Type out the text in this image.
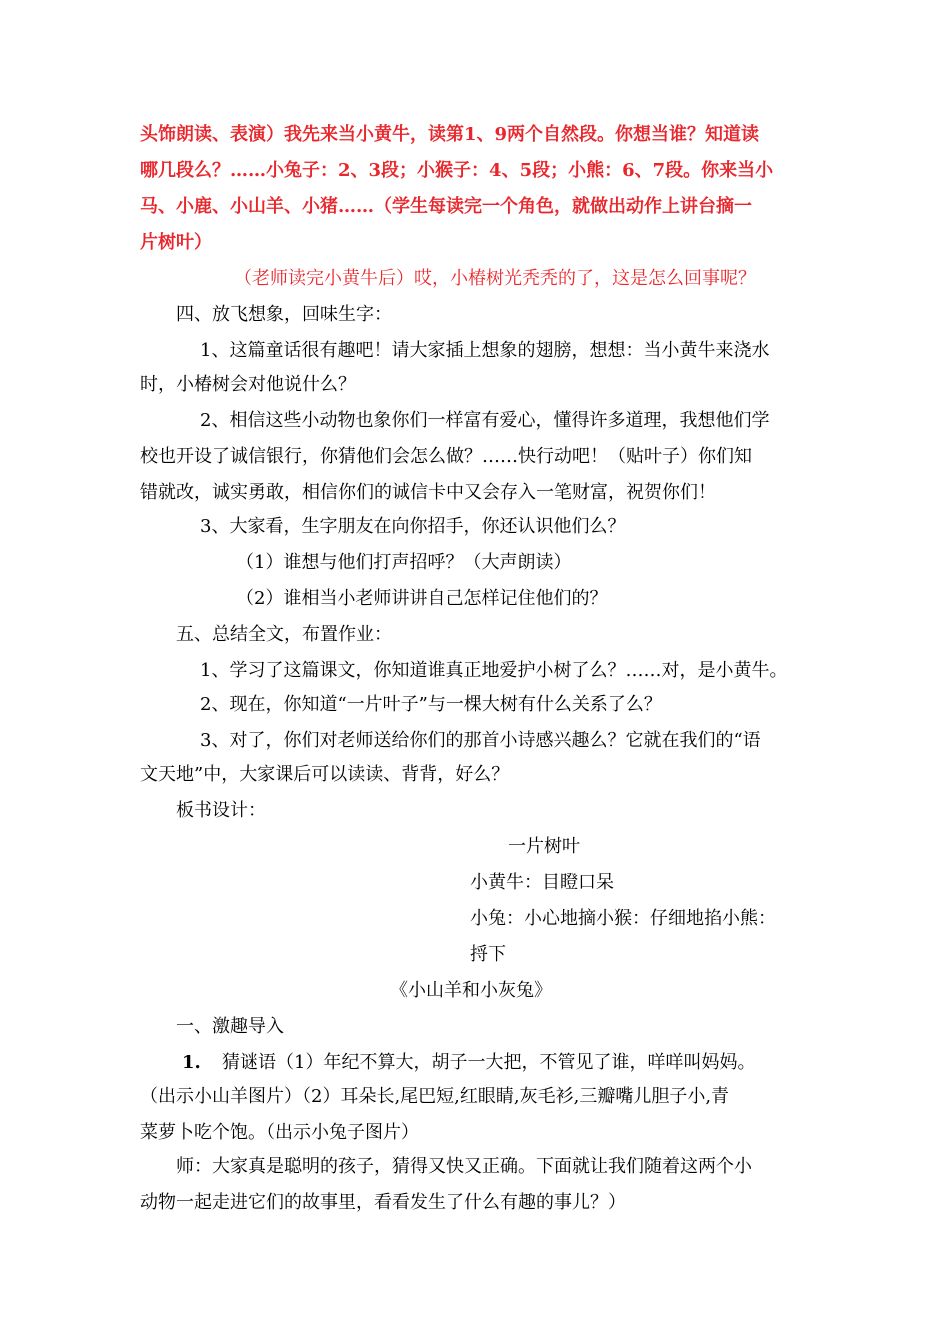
头饰朗读、表演）我先来当小黄牛，读第1、9两个自然段。你想当谁？知道读

哪几段么？……小兔子：2、3段；小猴子：4、5段；小熊：6、7段。你来当小

马、小鹿、小山羊、小猪……（学生每读完一个角色，就做出动作上讲台摘一

片树叶）

（老师读完小黄牛后）哎，小椿树光秃秃的了，这是怎么回事呢？

四、放飞想象，回味生字：

1、这篇童话很有趣吧！请大家插上想象的翅膀，想想：当小黄牛来浇水

时，小椿树会对他说什么？

2、相信这些小动物也象你们一样富有爱心，懂得许多道理，我想他们学

校也开设了诚信银行，你猜他们会怎么做？……快行动吧！（贴叶子）你们知

错就改，诚实勇敢，相信你们的诚信卡中又会存入一笔财富，祝贺你们！

3、大家看，生字朋友在向你招手，你还认识他们么？

（1）谁想与他们打声招呼？（大声朗读）

（2）谁相当小老师讲讲自己怎样记住他们的？

五、总结全文，布置作业：

1、学习了这篇课文，你知道谁真正地爱护小树了么？……对，是小黄牛。

2、现在，你知道“一片叶子”与一棵大树有什么关系了么？

3、对了，你们对老师送给你们的那首小诗感兴趣么？它就在我们的“语

文天地”中，大家课后可以读读、背背，好么？

板书设计：

一片树叶

小黄牛：目瞪口呆

小兔：小心地摘小猴：仔细地掐小熊：

捋下

《小山羊和小灰兔》

一、激趣导入

1. 猜谜语（1）年纪不算大，胡子一大把，不管见了谁，咩咩叫妈妈。

（出示小山羊图片）（2）耳朵长,尾巴短,红眼睛,灰毛衫,三瓣嘴儿胆子小,青

菜萝卜吃个饱。（出示小兔子图片）

师：大家真是聪明的孩子，猜得又快又正确。下面就让我们随着这两个小

动物一起走进它们的故事里，看看发生了什么有趣的事儿？）
